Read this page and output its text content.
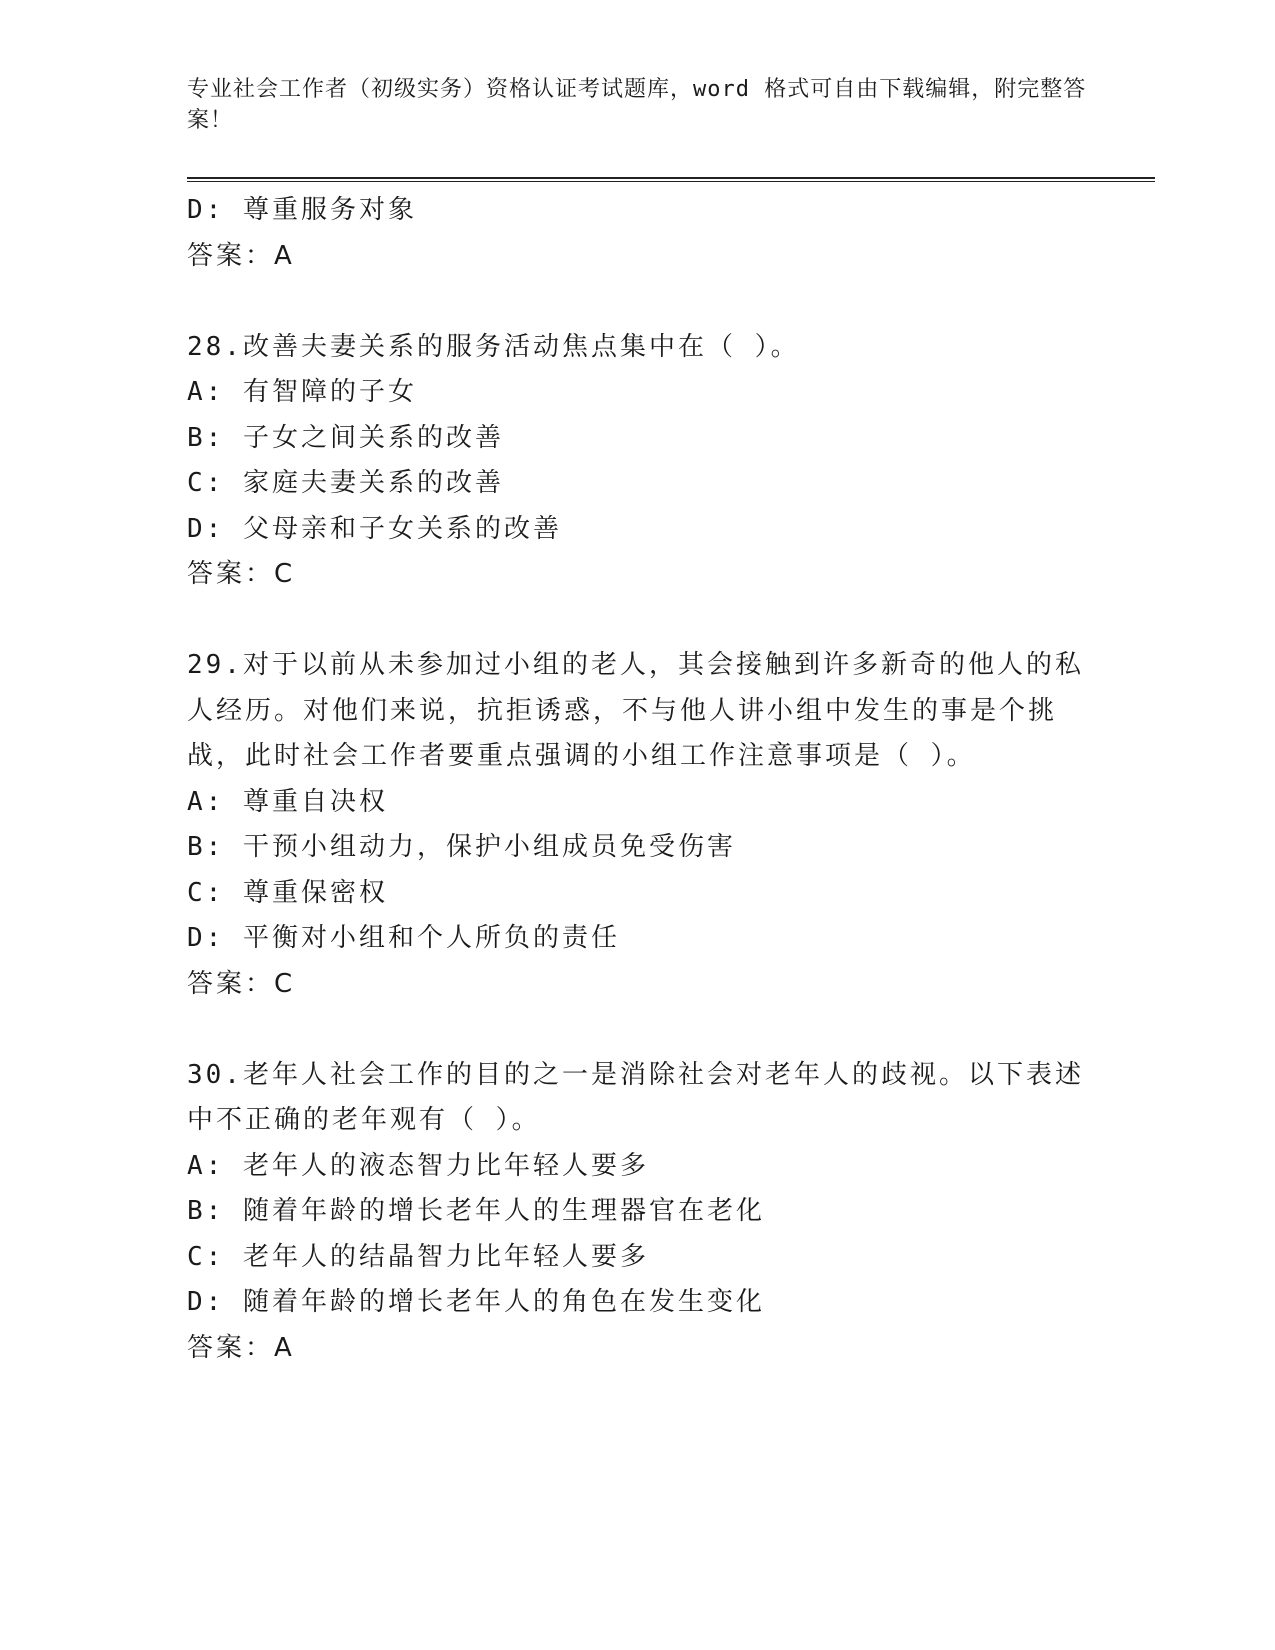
专业社会工作者（初级实务）资格认证考试题库，word 格式可自由下载编辑，附完整答案！
D: 尊重服务对象
答案：A
28.改善夫妻关系的服务活动焦点集中在（ ）。
A: 有智障的子女
B: 子女之间关系的改善
C: 家庭夫妻关系的改善
D: 父母亲和子女关系的改善
答案：C
29.对于以前从未参加过小组的老人，其会接触到许多新奇的他人的私人经历。对他们来说，抗拒诱惑，不与他人讲小组中发生的事是个挑战，此时社会工作者要重点强调的小组工作注意事项是（ ）。
A: 尊重自决权
B: 干预小组动力，保护小组成员免受伤害
C: 尊重保密权
D: 平衡对小组和个人所负的责任
答案：C
30.老年人社会工作的目的之一是消除社会对老年人的歧视。以下表述中不正确的老年观有（ ）。
A: 老年人的液态智力比年轻人要多
B: 随着年龄的增长老年人的生理器官在老化
C: 老年人的结晶智力比年轻人要多
D: 随着年龄的增长老年人的角色在发生变化
答案：A
